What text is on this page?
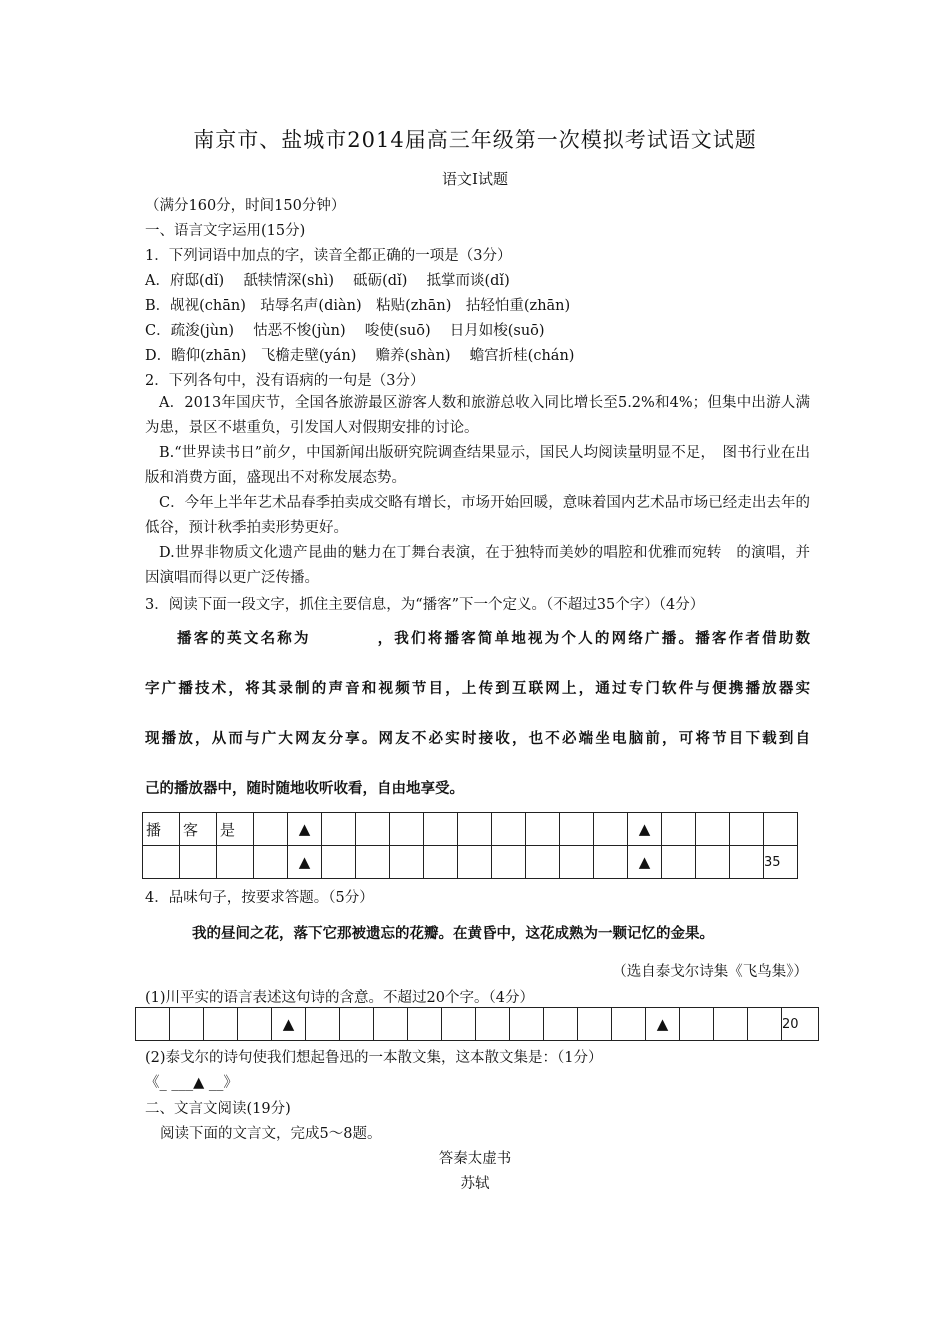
南京市、盐城市2014届高三年级第一次模拟考试语文试题
语文Ⅰ试题
（满分160分，时间150分钟）
一、语言文字运用(15分)
1．下列词语中加点的字，读音全都正确的一项是（3分）
A．府邸(dǐ)　 舐犊情深(shì)　 砥砺(dǐ)　 抵掌而谈(dǐ)
B．觇视(chān)　玷辱名声(diàn)　粘贴(zhān)　拈轻怕重(zhān)
C．疏浚(jùn)　 怙恶不悛(jùn)　 唆使(suō)　 日月如梭(suō)
D．瞻仰(zhān)　飞檐走壁(yán)　 赡养(shàn)　 蟾宫折桂(chán)
2．下列各句中，没有语病的一句是（3分）
A．2013年国庆节，全国各旅游最区游客人数和旅游总收入同比增长至5.2%和4%；但集中出游人满为患，景区不堪重负，引发国人对假期安排的讨论。
B.“世界读书日”前夕，中国新闻出版研究院调查结果显示，国民人均阅读量明显不足，　图书行业在出版和消费方面，盛现出不对称发展态势。
C．今年上半年艺术品春季拍卖成交略有增长，市场开始回暖，意味着国内艺术品市场已经走出去年的低谷，预计秋季拍卖形势更好。
D.世界非物质文化遗产昆曲的魅力在丁舞台表演，在于独特而美妙的唱腔和优雅而宛转　的演唱，并因演唱而得以更广泛传播。
3．阅读下面一段文字，抓住主要信息，为“播客”下一个定义。（不超过35个字）（4分）

播客的英文名称为　　　　，我们将播客简单地视为个人的网络广播。播客作者借助数

字广播技术，将其录制的声音和视频节目，上传到互联网上，通过专门软件与便携播放器实

现播放，从而与广大网友分享。网友不必实时接收，也不必端坐电脑前，可将节目下载到自

己的播放器中，随时随地收听收看，自由地享受。

播	客	是		▲										▲				
				▲										▲				35
4．品味句子，按要求答题。（5分）
我的昼间之花，落下它那被遗忘的花瓣。在黄昏中，这花成熟为一颗记忆的金果。
（选自泰戈尔诗集《飞鸟集》）
(1)川平实的语言表述这句诗的含意。不超过20个字。（4分）
				▲											▲				20
(2)泰戈尔的诗句使我们想起鲁迅的一本散文集，这本散文集是：（1分）
《_ ___▲ __》
二、文言文阅读(19分)
阅读下面的文言文，完成5～8题。
答秦太虚书
苏轼
